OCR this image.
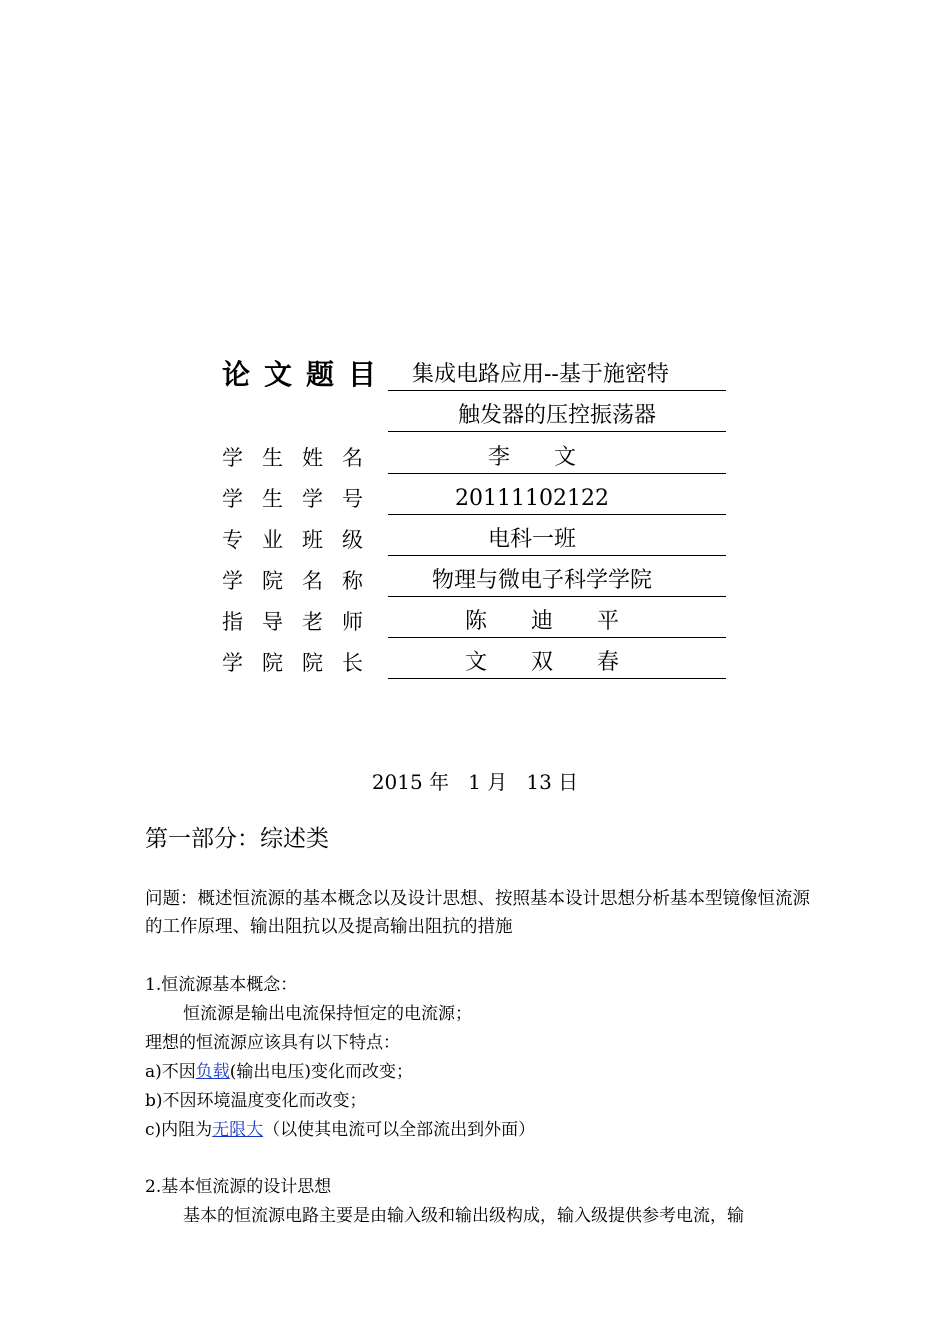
论文题目 集成电路应用--基于施密特
触发器的压控振荡器
学生姓名	李　　文
学生学号	20111102122
专业班级	电科一班
学院名称	物理与微电子科学学院
指导老师	陈　　迪　　平
学院院长	文　　双　　春
2015 年 1 月 13 日
第一部分：综述类
问题：概述恒流源的基本概念以及设计思想、按照基本设计思想分析基本型镜像恒流源的工作原理、输出阻抗以及提高输出阻抗的措施
1.恒流源基本概念：
恒流源是输出电流保持恒定的电流源；
理想的恒流源应该具有以下特点：
a)不因负载(输出电压)变化而改变；
b)不因环境温度变化而改变；
c)内阻为无限大（以使其电流可以全部流出到外面）
2.基本恒流源的设计思想
基本的恒流源电路主要是由输入级和输出级构成，输入级提供参考电流，输
